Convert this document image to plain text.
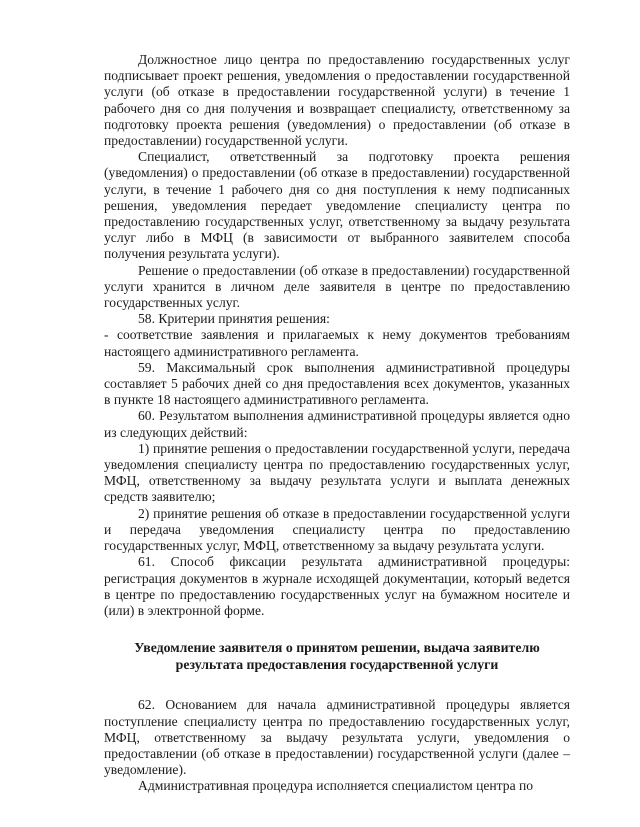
Должностное лицо центра по предоставлению государственных услуг подписывает проект решения, уведомления о предоставлении государственной услуги (об отказе в предоставлении государственной услуги) в течение 1 рабочего дня со дня получения и возвращает специалисту, ответственному за подготовку проекта решения (уведомления) о предоставлении (об отказе в предоставлении) государственной услуги.

Специалист, ответственный за подготовку проекта решения (уведомления) о предоставлении (об отказе в предоставлении) государственной услуги, в течение 1 рабочего дня со дня поступления к нему подписанных решения, уведомления передает уведомление специалисту центра по предоставлению государственных услуг, ответственному за выдачу результата услуг либо в МФЦ (в зависимости от выбранного заявителем способа получения результата услуги).

Решение о предоставлении (об отказе в предоставлении) государственной услуги хранится в личном деле заявителя в центре по предоставлению государственных услуг.

58. Критерии принятия решения:

- соответствие заявления и прилагаемых к нему документов требованиям настоящего административного регламента.

59. Максимальный срок выполнения административной процедуры составляет 5 рабочих дней со дня предоставления всех документов, указанных в пункте 18 настоящего административного регламента.

60. Результатом выполнения административной процедуры является одно из следующих действий:

1) принятие решения о предоставлении государственной услуги, передача уведомления специалисту центра по предоставлению государственных услуг, МФЦ, ответственному за выдачу результата услуги и выплата денежных средств заявителю;

2) принятие решения об отказе в предоставлении государственной услуги и передача уведомления специалисту центра по предоставлению государственных услуг, МФЦ, ответственному за выдачу результата услуги.

61. Способ фиксации результата административной процедуры: регистрация документов в журнале исходящей документации, который ведется в центре по предоставлению государственных услуг на бумажном носителе и (или) в электронной форме.

Уведомление заявителя о принятом решении, выдача заявителю результата предоставления государственной услуги

62. Основанием для начала административной процедуры является поступление специалисту центра по предоставлению государственных услуг, МФЦ, ответственному за выдачу результата услуги, уведомления о предоставлении (об отказе в предоставлении) государственной услуги (далее – уведомление).

Административная процедура исполняется специалистом центра по
